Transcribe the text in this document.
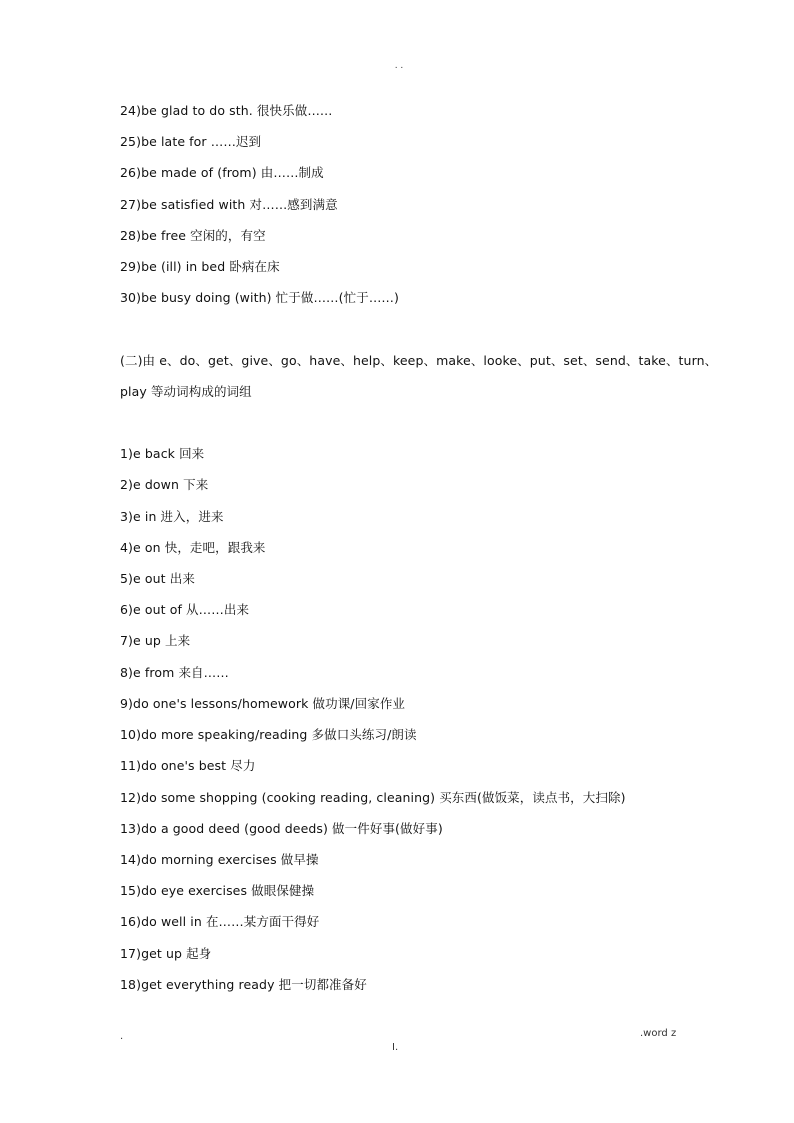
. .
24)be glad to do sth. 很快乐做……
25)be late for ……迟到
26)be made of (from) 由……制成
27)be satisfied with 对……感到满意
28)be free 空闲的，有空
29)be (ill) in bed 卧病在床
30)be busy doing (with) 忙于做……(忙于……)
(二)由 e、do、get、give、go、have、help、keep、make、looke、put、set、send、take、turn、
play 等动词构成的词组
1)e back 回来
2)e down 下来
3)e in 进入，进来
4)e on 快，走吧，跟我来
5)e out 出来
6)e out of 从……出来
7)e up 上来
8)e from 来自……
9)do one's lessons/homework 做功课/回家作业
10)do more speaking/reading 多做口头练习/朗读
11)do one's best 尽力
12)do some shopping (cooking reading, cleaning) 买东西(做饭菜，读点书，大扫除)
13)do a good deed (good deeds) 做一件好事(做好事)
14)do morning exercises 做早操
15)do eye exercises 做眼保健操
16)do well in 在……某方面干得好
17)get up 起身
18)get everything ready 把一切都准备好
.	.word z
I.
